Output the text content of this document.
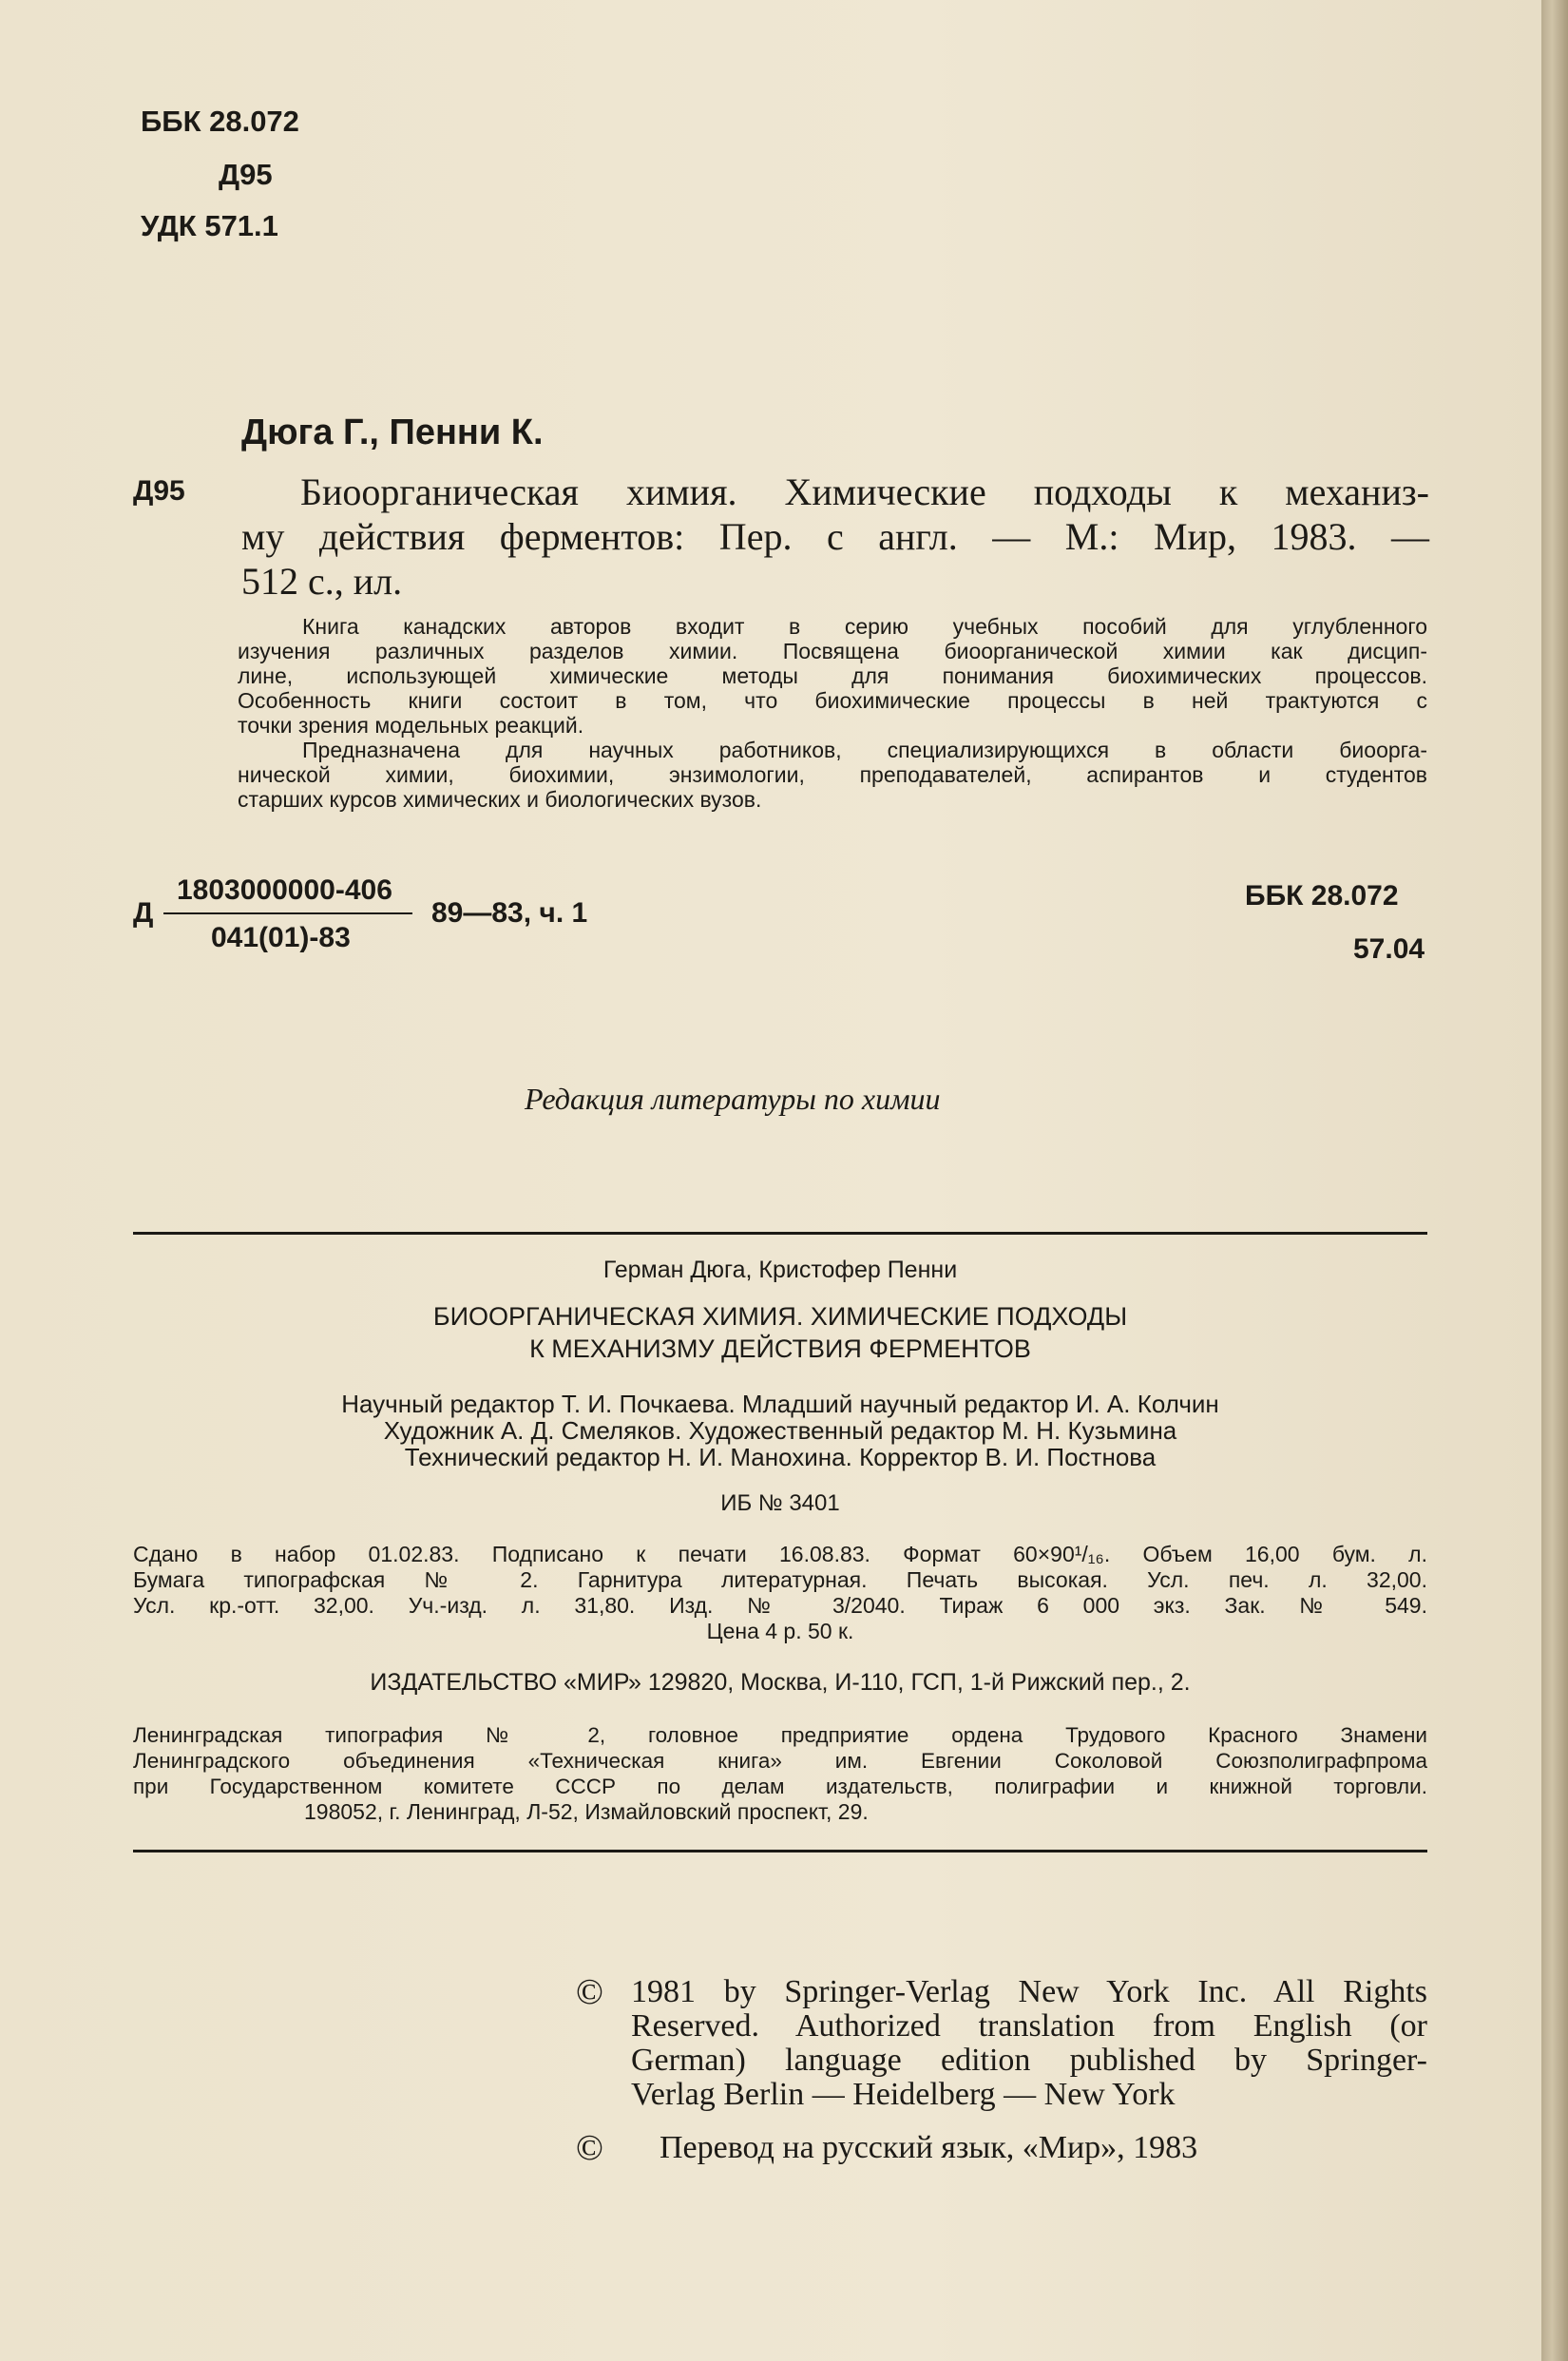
ББК 28.072
Д95
УДК 571.1
Дюга Г., Пенни К.
Д95	Биоорганическая химия. Химические подходы к механиз-
му действия ферментов: Пер. с англ. — М.: Мир, 1983. —
512 с., ил.
Книга канадских авторов входит в серию учебных пособий для углубленного
изучения различных разделов химии. Посвящена биоорганической химии как дисцип-
лине, использующей химические методы для понимания биохимических процессов.
Особенность книги состоит в том, что биохимические процессы в ней трактуются с
точки зрения модельных реакций.
Предназначена для научных работников, специализирующихся в области биоорга-
нической химии, биохимии, энзимологии, преподавателей, аспирантов и студентов
старших курсов химических и биологических вузов.
Д
1803000000-406
041(01)-83
89—83, ч. 1
ББК 28.072
57.04
Редакция литературы по химии
Герман Дюга, Кристофер Пенни
БИООРГАНИЧЕСКАЯ ХИМИЯ. ХИМИЧЕСКИЕ ПОДХОДЫ
К МЕХАНИЗМУ ДЕЙСТВИЯ ФЕРМЕНТОВ
Научный редактор Т. И. Почкаева. Младший научный редактор И. А. Колчин
Художник А. Д. Смеляков. Художественный редактор М. Н. Кузьмина
Технический редактор Н. И. Манохина. Корректор В. И. Постнова
ИБ № 3401
Сдано в набор 01.02.83. Подписано к печати 16.08.83. Формат 60×90¹/₁₆. Объем 16,00 бум. л.
Бумага типографская № 2. Гарнитура литературная. Печать высокая. Усл. печ. л. 32,00.
Усл. кр.-отт. 32,00. Уч.-изд. л. 31,80. Изд. № 3/2040. Тираж 6 000 экз. Зак. № 549.
Цена 4 р. 50 к.
ИЗДАТЕЛЬСТВО «МИР» 129820, Москва, И-110, ГСП, 1-й Рижский пер., 2.
Ленинградская типография № 2, головное предприятие ордена Трудового Красного Знамени
Ленинградского объединения «Техническая книга» им. Евгении Соколовой Союзполиграфпрома
при Государственном комитете СССР по делам издательств, полиграфии и книжной торговли.
198052, г. Ленинград, Л-52, Измайловский проспект, 29.
© 1981 by Springer-Verlag New York Inc. All Rights
Reserved. Authorized translation from English (or
German) language edition published by Springer-
Verlag Berlin — Heidelberg — New York
© Перевод на русский язык, «Мир», 1983
